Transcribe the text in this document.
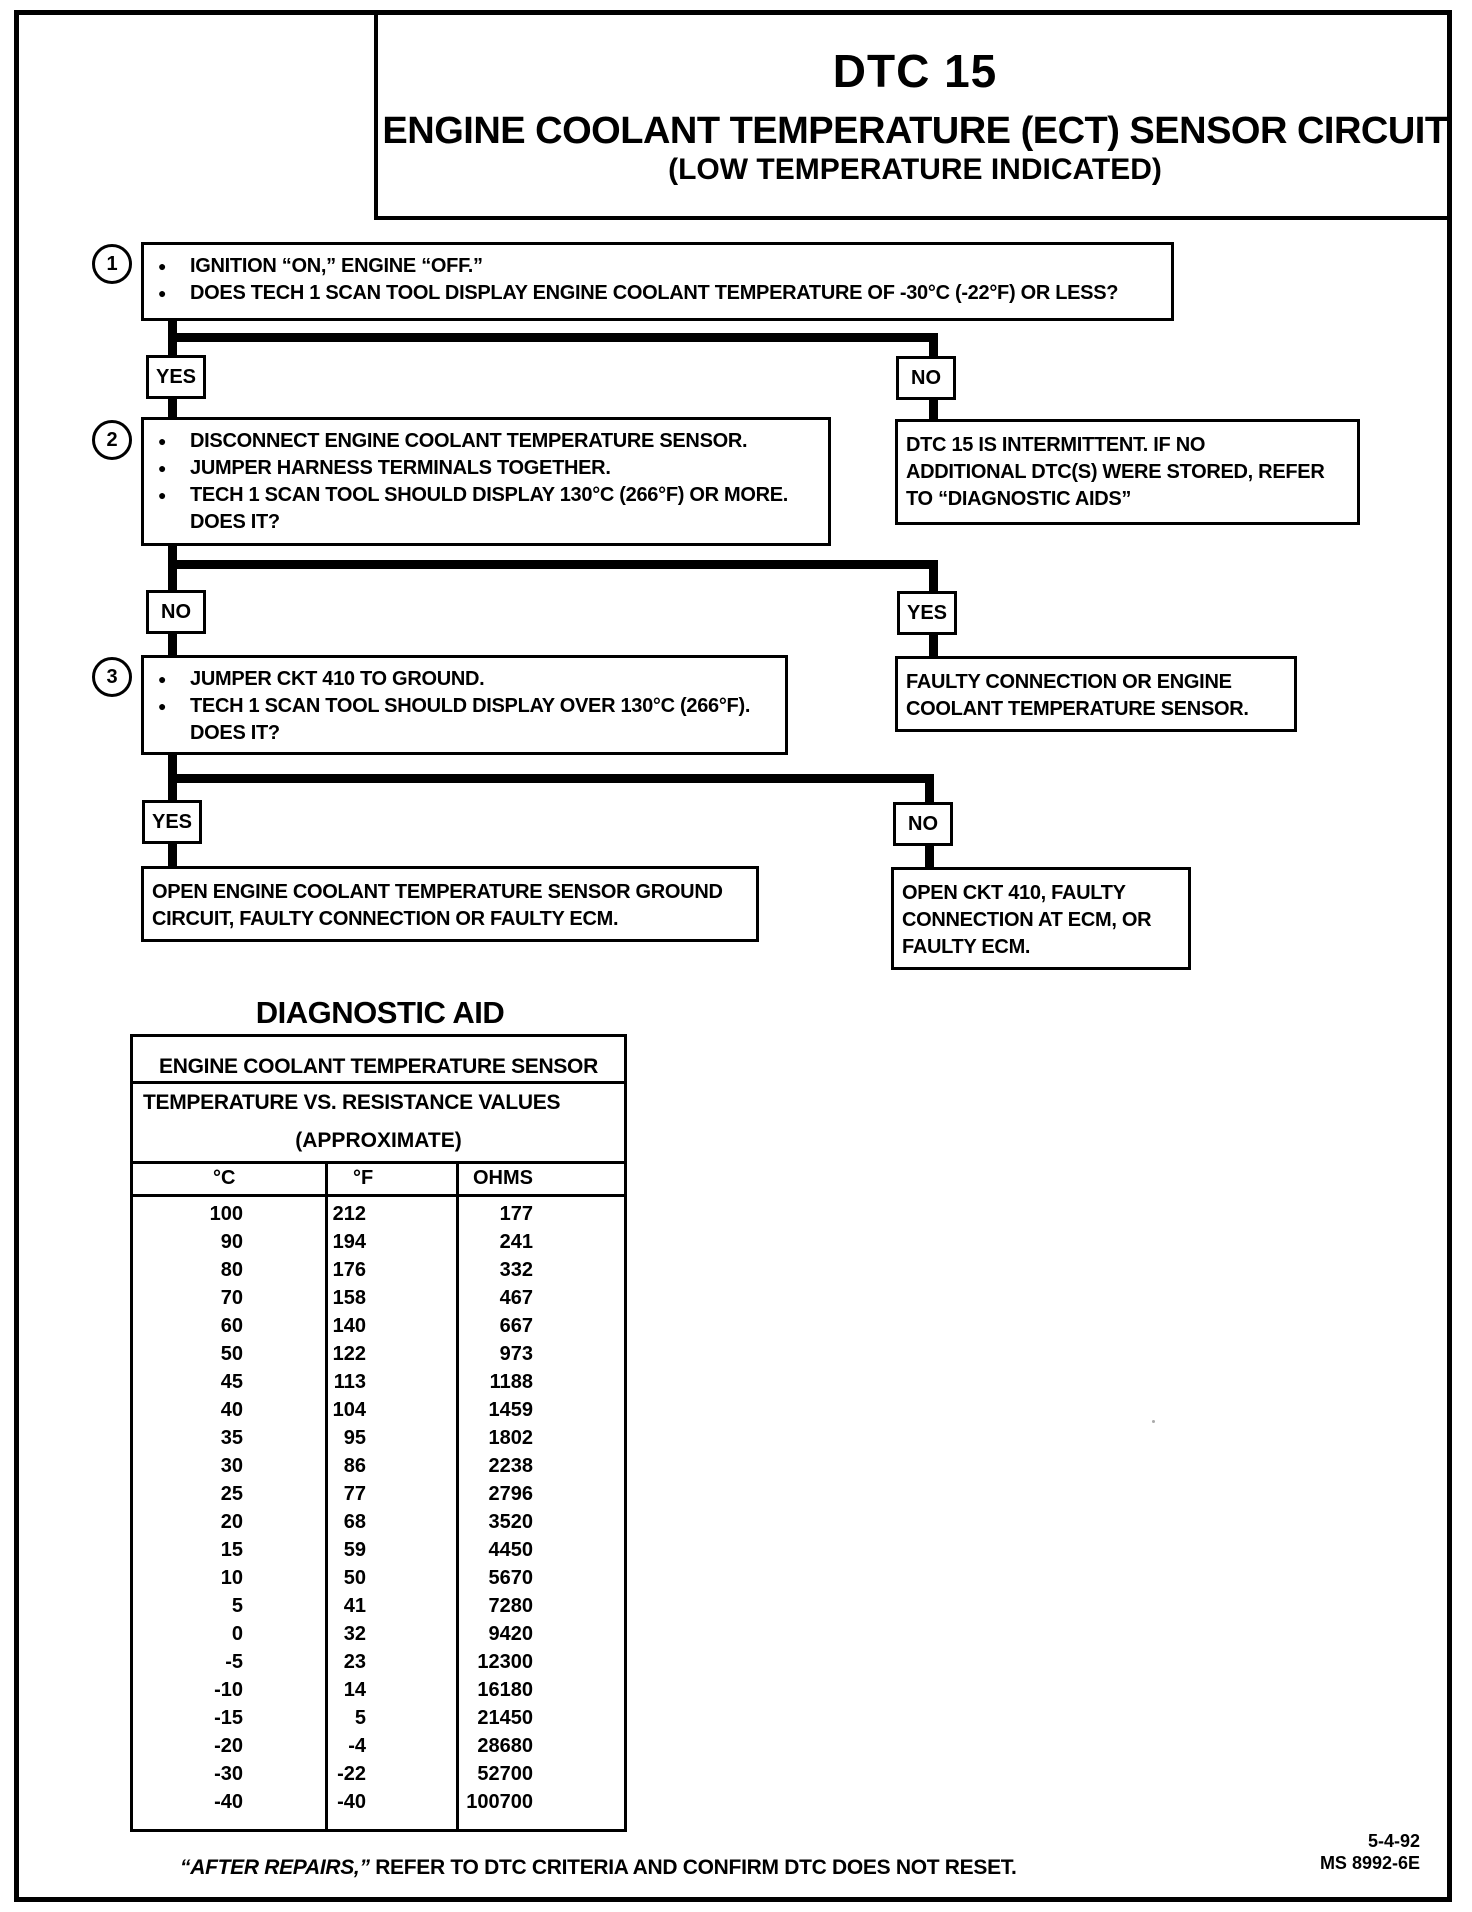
DTC 15
ENGINE COOLANT TEMPERATURE (ECT) SENSOR CIRCUIT
(LOW TEMPERATURE INDICATED)
1	● IGNITION “ON,” ENGINE “OFF.”
● DOES TECH 1 SCAN TOOL DISPLAY ENGINE COOLANT TEMPERATURE OF -30°C (-22°F) OR LESS?
YES	NO
2	● DISCONNECT ENGINE COOLANT TEMPERATURE SENSOR.
● JUMPER HARNESS TERMINALS TOGETHER.
● TECH 1 SCAN TOOL SHOULD DISPLAY 130°C (266°F) OR MORE.
DOES IT?
DTC 15 IS INTERMITTENT. IF NO
ADDITIONAL DTC(S) WERE STORED, REFER
TO “DIAGNOSTIC AIDS”
NO	YES
3	● JUMPER CKT 410 TO GROUND.
● TECH 1 SCAN TOOL SHOULD DISPLAY OVER 130°C (266°F).
DOES IT?
FAULTY CONNECTION OR ENGINE
COOLANT TEMPERATURE SENSOR.
YES	NO
OPEN ENGINE COOLANT TEMPERATURE SENSOR GROUND
CIRCUIT, FAULTY CONNECTION OR FAULTY ECM.
OPEN CKT 410, FAULTY
CONNECTION AT ECM, OR
FAULTY ECM.
DIAGNOSTIC AID
ENGINE COOLANT TEMPERATURE SENSOR
TEMPERATURE VS. RESISTANCE VALUES
(APPROXIMATE)
°C	°F	OHMS
100	212	177
90	194	241
80	176	332
70	158	467
60	140	667
50	122	973
45	113	1188
40	104	1459
35	95	1802
30	86	2238
25	77	2796
20	68	3520
15	59	4450
10	50	5670
5	41	7280
0	32	9420
-5	23	12300
-10	14	16180
-15	5	21450
-20	-4	28680
-30	-22	52700
-40	-40	100700
“AFTER REPAIRS,” REFER TO DTC CRITERIA AND CONFIRM DTC DOES NOT RESET.
5-4-92
MS 8992-6E
